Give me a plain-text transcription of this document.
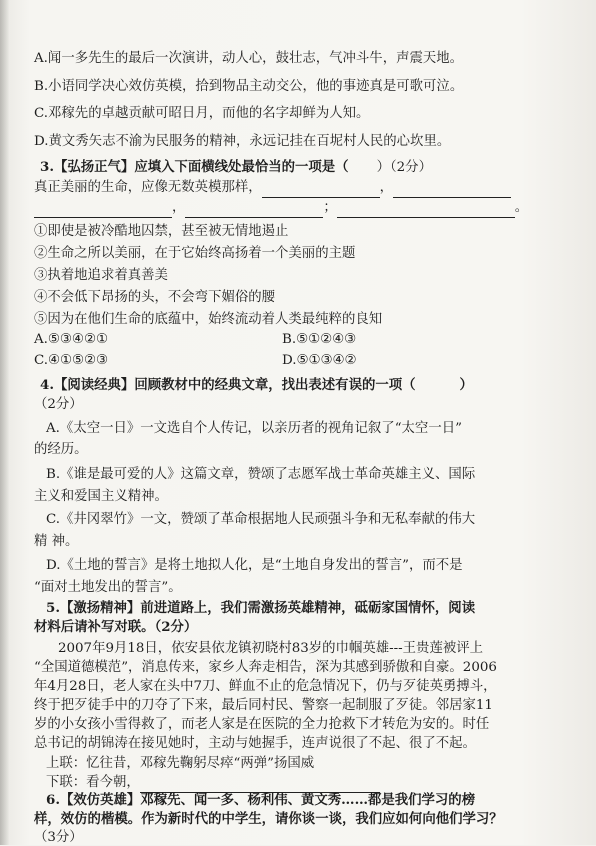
A.闻一多先生的最后一次演讲，动人心，鼓壮志，气冲斗牛，声震天地。
B.小语同学决心效仿英模，拾到物品主动交公，他的事迹真是可歌可泣。
C.邓稼先的卓越贡献可昭日月，而他的名字却鲜为人知。
D.黄文秀矢志不渝为民服务的精神，永远记挂在百坭村人民的心坎里。
3.【弘扬正气】应填入下面横线处最恰当的一项是（ ）（2分）
真正美丽的生命，应像无数英模那样，	，
，	；	。
①即使是被冷酷地囚禁，甚至被无情地遏止
②生命之所以美丽，在于它始终高扬着一个美丽的主题
③执着地追求着真善美
④不会低下昂扬的头，不会弯下媚俗的腰
⑤因为在他们生命的底蕴中，始终流动着人类最纯粹的良知
A.⑤③④②①	B.⑤①②④③
C.④①⑤②③	D.⑤①③④②
4.【阅读经典】回顾教材中的经典文章，找出表述有误的一项（	）
（2分）
A.《太空一日》一文选自个人传记，以亲历者的视角记叙了“太空一日”
的经历。
B.《谁是最可爱的人》这篇文章，赞颂了志愿军战士革命英雄主义、国际
主义和爱国主义精神。
C.《井冈翠竹》一文，赞颂了革命根据地人民顽强斗争和无私奉献的伟大
精 神。
D.《土地的誓言》是将土地拟人化，是“土地自身发出的誓言”，而不是
“面对土地发出的誓言”。
5.【激扬精神】前进道路上，我们需激扬英雄精神，砥砺家国情怀，阅读
材料后请补写对联。（2分）
2007年9月18日，依安县依龙镇初晓村83岁的巾帼英雄---王贵莲被评上
“全国道德模范”，消息传来，家乡人奔走相告，深为其感到骄傲和自豪。2006
年4月28日，老人家在头中7刀、鲜血不止的危急情况下，仍与歹徒英勇搏斗，
终于把歹徒手中的刀夺了下来，最后同村民、警察一起制服了歹徒。邻居家11
岁的小女孩小雪得救了，而老人家是在医院的全力抢救下才转危为安的。时任
总书记的胡锦涛在接见她时，主动与她握手，连声说很了不起、很了不起。
上联：忆往昔，邓稼先鞠躬尽瘁“两弹”扬国威
下联：看今朝，
6.【效仿英雄】邓稼先、闻一多、杨利伟、黄文秀……都是我们学习的榜
样，效仿的楷模。作为新时代的中学生，请你谈一谈，我们应如何向他们学习？
（3分）
